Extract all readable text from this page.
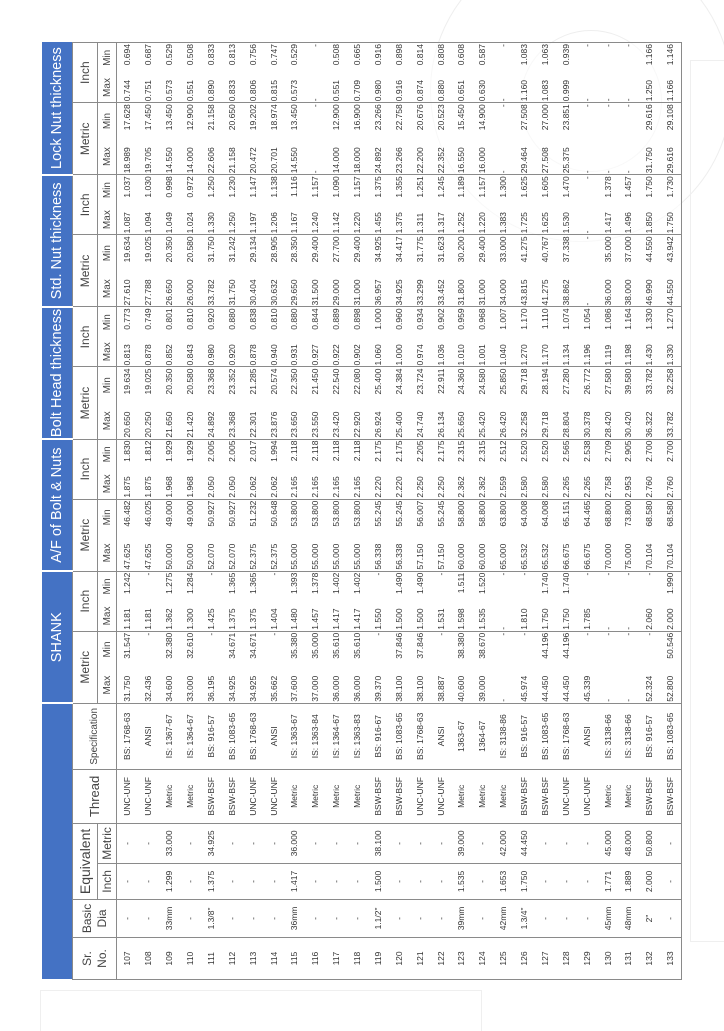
						SHANK				A/F of Bolt & Nuts				Bolt Head thickness				Std. Nut thickness				Lock Nut thickness			
Sr.
No.	Basic
Dia	Equivalent		Thread	Specification	Metric		Inch		Metric		Inch		Metric		Inch		Metric		Inch		Metric		Inch	
		Inch	Metric			Max	Min	Max	Min	Max	Min	Max	Min	Max	Min	Max	Min	Max	Min	Max	Min	Max	Min	Max	Min
107	-	-	-	UNC-UNF	BS: 1768-63	31.750	31.547	1.181	1.242	47.625	46.482	1.875	1.830	20.650	19.634	0.813	0.773	27.610	19.634	1.087	1.037	18.989	17.628	0.744	0.694
108	-	-	-	UNC-UNF	ANSI	32.436	-	1.181	-	47.625	46.025	1.875	1.812	20.250	19.025	0.878	0.749	27.788	19.025	1.094	1.030	19.705	17.450	0.751	0.687
109	33mm	1.299	33.000	Metric	IS: 1367-67	34.600	32.380	1.362	1.275	50.000	49.000	1.968	1.929	21.650	20.350	0.852	0.801	26.650	20.350	1.049	0.998	14.550	13.450	0.573	0.529
110	-	-	-	Metric	IS: 1364-67	33.000	32.610	1.300	1.284	50.000	49.000	1.968	1.929	21.420	20.580	0.843	0.810	26.000	20.580	1.024	0.972	14.000	12.900	0.551	0.508
111	1.3/8"	1.375	34.925	BSW-BSF	BS: 916-57	36.195	-	1.425	-	52.070	50.927	2.050	2.005	24.892	23.368	0.980	0.920	33.782	31.750	1.330	1.250	22.606	21.158	0.890	0.833
112	-	-	-	BSW-BSF	BS: 1083-65	34.925	34.671	1.375	1.365	52.070	50.927	2.050	2.005	23.368	23.352	0.920	0.880	31.750	31.242	1.250	1.230	21.158	20.650	0.833	0.813
113	-	-	-	UNC-UNF	BS: 1768-63	34.925	34.671	1.375	1.365	52.375	51.232	2.062	2.017	22.301	21.285	0.878	0.838	30.404	29.134	1.197	1.147	20.472	19.202	0.806	0.756
114	-	-	-	UNC-UNF	ANSI	35.662	-	1.404	-	52.375	50.648	2.062	1.994	23.876	20.574	0.940	0.810	30.632	28.905	1.206	1.138	20.701	18.974	0.815	0.747
115	36mm	1.417	36.000	Metric	IS: 1363-67	37.600	35.380	1.480	1.393	55.000	53.800	2.165	2.118	23.650	22.350	0.931	0.880	29.650	28.350	1.167	1.116	14.550	13.450	0.573	0.529
116	-	-	-	Metric	IS: 1363-84	37.000	35.000	1.457	1.378	55.000	53.800	2.165	2.118	23.550	21.450	0.927	0.844	31.500	29.400	1.240	1.157	-	-	-	-
117	-	-	-	Metric	IS: 1364-67	36.000	35.610	1.417	1.402	55.000	53.800	2.165	2.118	23.420	22.540	0.922	0.889	29.000	27.700	1.142	1.090	14.000	12.900	0.551	0.508
118	-	-	-	Metric	IS: 1363-83	36.000	35.610	1.417	1.402	55.000	53.800	2.165	2.118	22.920	22.080	0.902	0.898	31.000	29.400	1.220	1.157	18.000	16.900	0.709	0.665
119	1.1/2"	1.500	38.100	BSW-BSF	BS: 916-67	39.370	-	1.550	-	56.338	55.245	2.220	2.175	26.924	25.400	1.060	1.000	36.957	34.925	1.455	1.375	24.892	23.266	0.980	0.916
120	-	-	-	BSW-BSF	BS: 1083-65	38.100	37.846	1.500	1.490	56.338	55.245	2.220	2.175	25.400	24.384	1.000	0.960	34.925	34.417	1.375	1.355	23.266	22.758	0.916	0.898
121	-	-	-	UNC-UNF	BS: 1768-63	38.100	37.846	1.500	1.490	57.150	56.007	2.250	2.205	24.740	23.724	0.974	0.934	33.299	31.775	1.311	1.251	22.200	20.676	0.874	0.814
122	-	-	-	UNC-UNF	ANSI	38.887	-	1.531	-	57.150	55.245	2.250	2.175	26.134	22.911	1.036	0.902	33.452	31.623	1.317	1.245	22.352	20.523	0.880	0.808
123	39mm	1.535	39.000	Metric	1363-67	40.600	38.380	1.598	1.511	60.000	58.800	2.362	2.315	25.650	24.360	1.010	0.959	31.800	30.200	1.252	1.189	16.550	15.450	0.651	0.608
124	-	-	-	Metric	1364-67	39.000	38.670	1.535	1.520	60.000	58.800	2.362	2.315	25.420	24.580	1.001	0.968	31.000	29.400	1.220	1.157	16.000	14.900	0.630	0.587
125	42mm	1.653	42.000	Metric	IS: 3138-86	-	-	-	-	65.000	63.800	2.559	2.512	26.420	25.850	1.040	1.007	34.000	33.000	1.383	1.300	-	-	-	-
126	1.3/4"	1.750	44.450	BSW-BSF	BS: 916-57	45.974	-	1.810	-	65.532	64.008	2.580	2.520	32.258	29.718	1.270	1.170	43.815	41.275	1.725	1.625	29.464	27.508	1.160	1.083
127	-	-	-	BSW-BSF	BS: 1083-65	44.450	44.196	1.750	1.740	65.532	64.008	2.580	2.520	29.718	28.194	1.170	1.110	41.275	40.767	1.625	1.605	27.508	27.000	1.083	1.063
128	-	-	-	UNC-UNF	BS: 1768-63	44.450	44.196	1.750	1.740	66.675	65.151	2.265	2.565	28.804	27.280	1.134	1.074	38.862	37.338	1.530	1.470	25.375	23.851	0.999	0.939
129	-	-	-	UNC-UNF	ANSI	45.339	-	1.785	-	66.675	64.465	2.265	2.538	30.378	26.772	1.196	1.054	-	-	-	-	-	-	-	-
130	45mm	1.771	45.000	Metric	IS: 3138-66	-	-	-	-	70.000	68.800	2.758	2.709	28.420	27.580	1.119	1.086	36.000	35.000	1.417	1.378	-	-	-	-
131	48mm	1.889	48.000	Metric	IS: 3138-66	-	-	-	-	75.000	73.800	2.953	2.905	30.420	39.580	1.198	1.164	38.000	37.000	1.496	1.457	-	-	-	-
132	2"	2.000	50.800	BSW-BSF	BS: 916-57	52.324	-	2.060	-	70.104	68.580	2.760	2.700	36.322	33.782	1.430	1.330	46.990	44.550	1.850	1.750	31.750	29.616	1.250	1.166
133	-	-	-	BSW-BSF	BS: 1083-65	52.800	50.546	2.000	1.990	70.104	68.580	2.760	2.700	33.782	32.258	1.330	1.270	44.550	43.942	1.750	1.730	29.616	29.108	1.166	1.146
